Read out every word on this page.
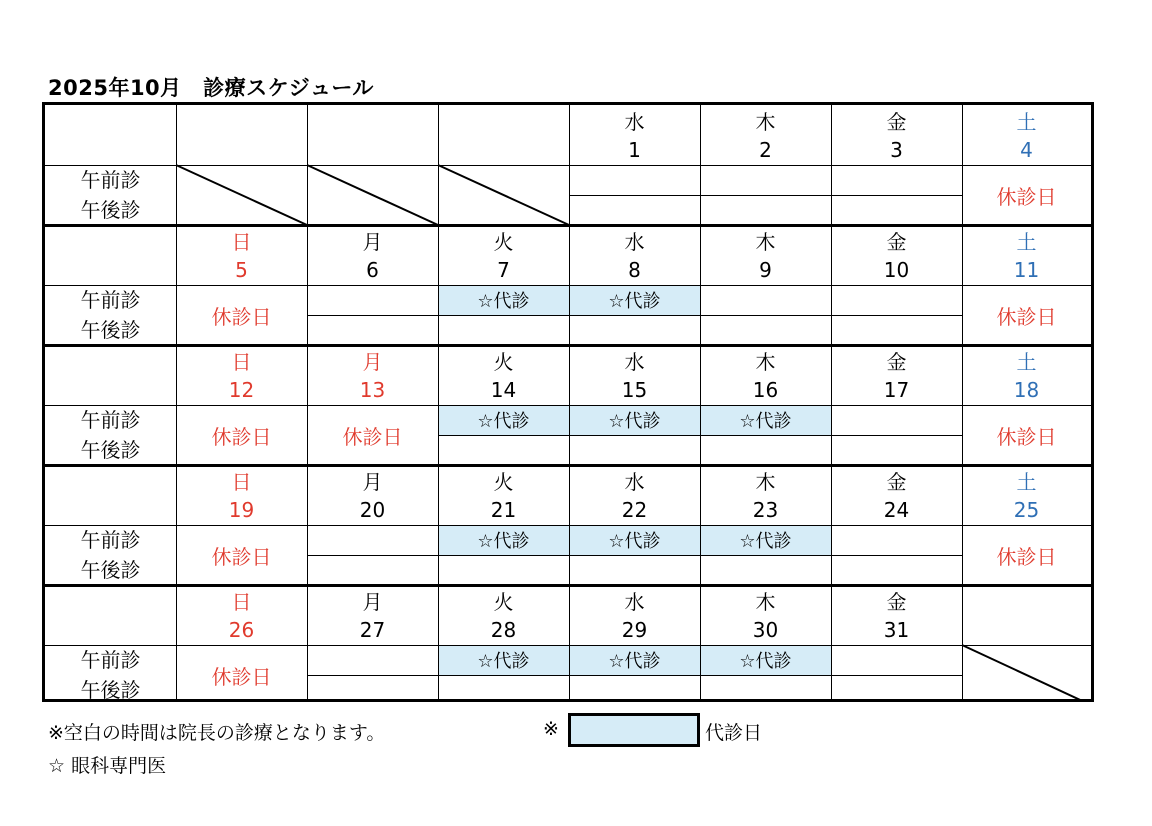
2025年10月　診療スケジュール
午前診
午後診
水
1
木
2
金
3
土
4
休診日
午前診
午後診
日
5
休診日
月
6
火
7
☆代診
水
8
☆代診
木
9
金
10
土
11
休診日
午前診
午後診
日
12
休診日
月
13
休診日
火
14
☆代診
水
15
☆代診
木
16
☆代診
金
17
土
18
休診日
午前診
午後診
日
19
休診日
月
20
火
21
☆代診
水
22
☆代診
木
23
☆代診
金
24
土
25
休診日
午前診
午後診
日
26
休診日
月
27
火
28
☆代診
水
29
☆代診
木
30
☆代診
金
31
※空白の時間は院長の診療となります。	※	代診日
☆ 眼科専門医
